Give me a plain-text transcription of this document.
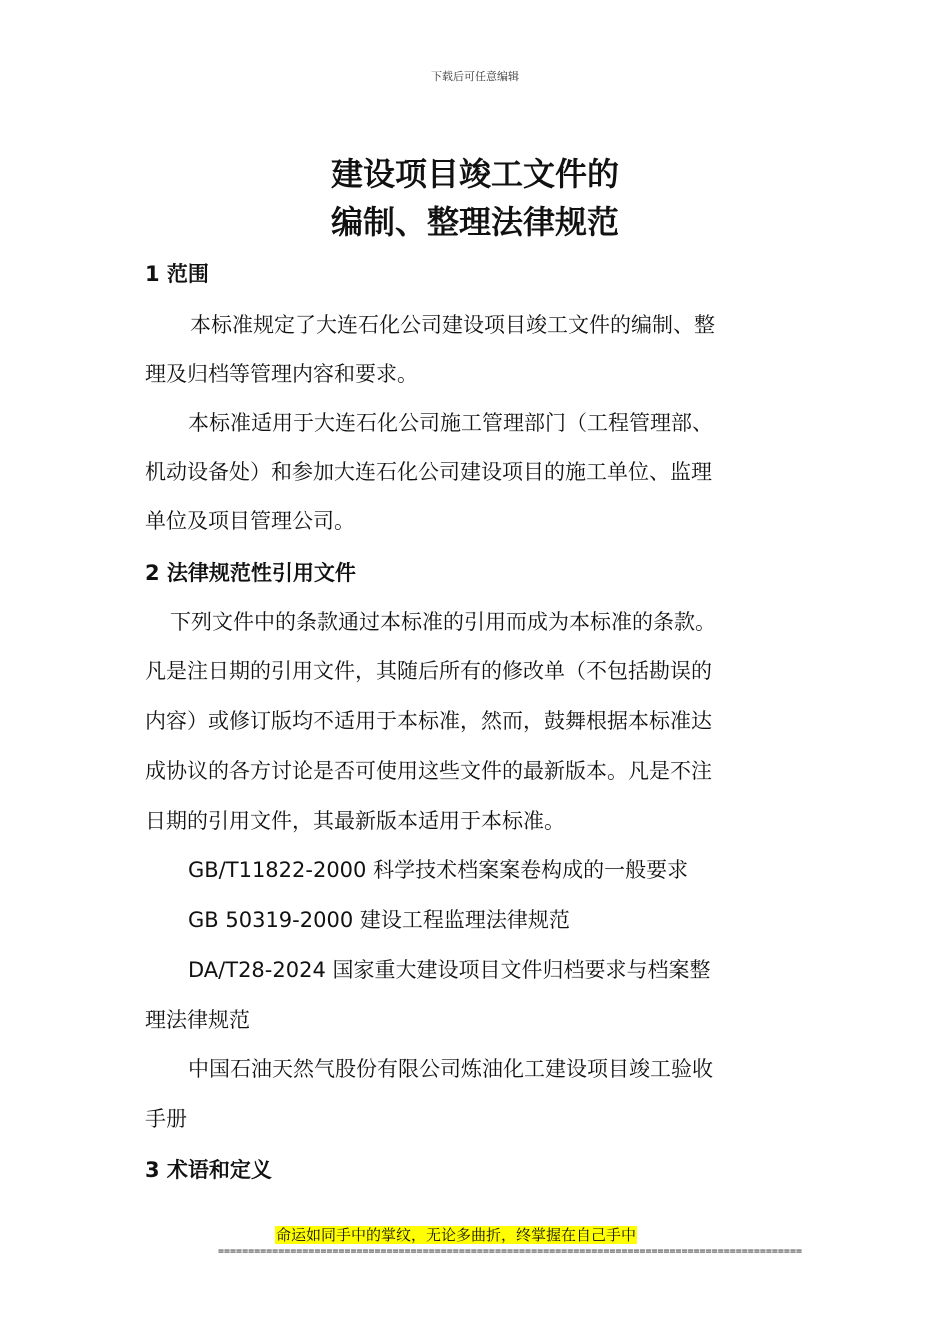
下载后可任意编辑
建设项目竣工文件的
编制、整理法律规范
1 范围
本标准规定了大连石化公司建设项目竣工文件的编制、整
理及归档等管理内容和要求。
本标准适用于大连石化公司施工管理部门（工程管理部、
机动设备处）和参加大连石化公司建设项目的施工单位、监理
单位及项目管理公司。
2 法律规范性引用文件
下列文件中的条款通过本标准的引用而成为本标准的条款。
凡是注日期的引用文件，其随后所有的修改单（不包括勘误的
内容）或修订版均不适用于本标准，然而，鼓舞根据本标准达
成协议的各方讨论是否可使用这些文件的最新版本。凡是不注
日期的引用文件，其最新版本适用于本标准。
GB/T11822-2000 科学技术档案案卷构成的一般要求
GB 50319-2000 建设工程监理法律规范
DA/T28-2024 国家重大建设项目文件归档要求与档案整
理法律规范
中国石油天然气股份有限公司炼油化工建设项目竣工验收
手册
3 术语和定义
命运如同手中的掌纹，无论多曲折，终掌握在自己手中
=================================================================================================
